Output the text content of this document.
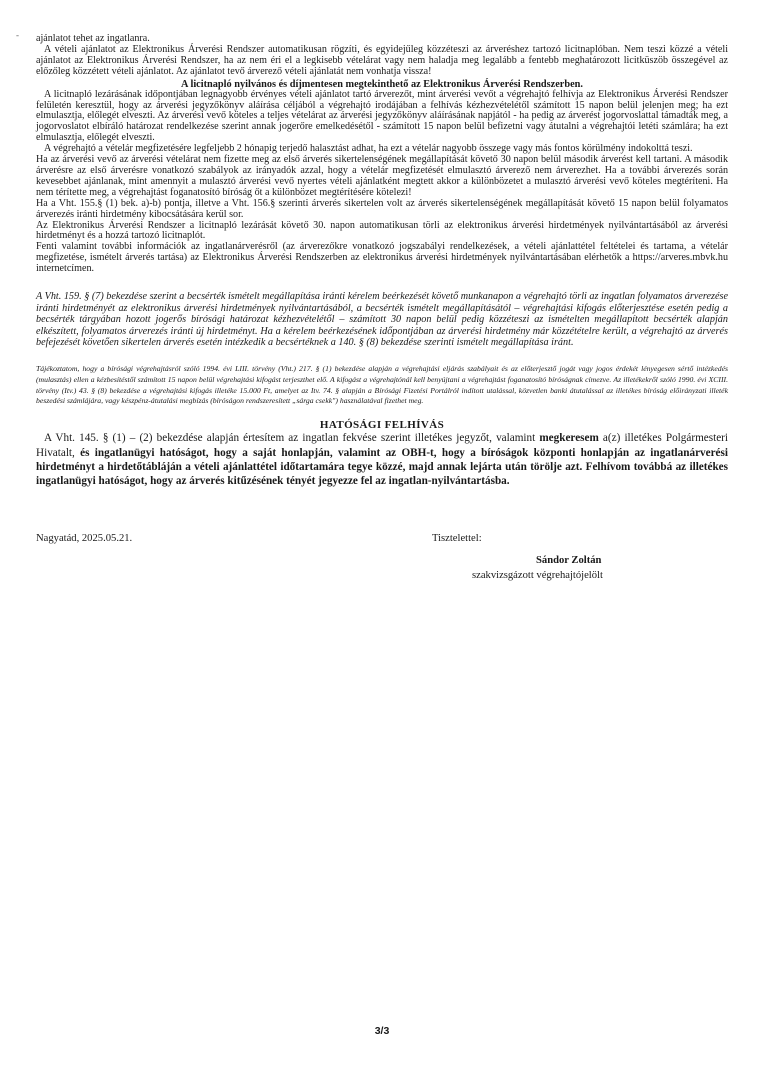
- ajánlatot tehet az ingatlanra.

A vételi ajánlatot az Elektronikus Árverési Rendszer automatikusan rögzíti, és egyidejűleg közzéteszi az árveréshez tartozó licitnaplóban. Nem teszi közzé a vételi ajánlatot az Elektronikus Árverési Rendszer, ha az nem éri el a legkisebb vételárat vagy nem haladja meg legalább a fentebb meghatározott licitküszöb összegével az előzőleg közzétett vételi ajánlatot. Az ajánlatot tevő árverező vételi ajánlatát nem vonhatja vissza!

A licitnapló nyilvános és díjmentesen megtekinthető az Elektronikus Árverési Rendszerben.

A licitnapló lezárásának időpontjában legnagyobb érvényes vételi ajánlatot tartó árverezőt, mint árverési vevőt a végrehajtó felhívja az Elektronikus Árverési Rendszer felületén keresztül, hogy az árverési jegyzőkönyv aláírása céljából a végrehajtó irodájában a felhívás kézhezvételétől számított 15 napon belül jelenjen meg; ha ezt elmulasztja, előlegét elveszti. Az árverési vevő köteles a teljes vételárat az árverési jegyzőkönyv aláírásának napjától - ha pedig az árverést jogorvoslattal támadták meg, a jogorvoslatot elbíráló határozat rendelkezése szerint annak jogerőre emelkedésétől - számított 15 napon belül befizetni vagy átutalni a végrehajtói letéti számlára; ha ezt elmulasztja, előlegét elveszti.

A végrehajtó a vételár megfizetésére legfeljebb 2 hónapig terjedő halasztást adhat, ha ezt a vételár nagyobb összege vagy más fontos körülmény indokolttá teszi.

Ha az árverési vevő az árverési vételárat nem fizette meg az első árverés sikertelenségének megállapítását követő 30 napon belül második árverést kell tartani. A második árverésre az első árverésre vonatkozó szabályok az irányadók azzal, hogy a vételár megfizetését elmulasztó árverező nem árverezhet. Ha a további árverezés során kevesebbet ajánlanak, mint amennyit a mulasztó árverési vevő nyertes vételi ajánlatként megtett akkor a különbözetet a mulasztó árverési vevő köteles megtéríteni. Ha nem térítette meg, a végrehajtást foganatosító bíróság őt a különbözet megtérítésére kötelezi!

Ha a Vht. 155.§ (1) bek. a)-b) pontja, illetve a Vht. 156.§ szerinti árverés sikertelen volt az árverés sikertelenségének megállapítását követő 15 napon belül folyamatos árverezés iránti hirdetmény kibocsátására kerül sor.

Az Elektronikus Árverési Rendszer a licitnapló lezárását követő 30. napon automatikusan törli az elektronikus árverési hirdetmények nyilvántartásából az árverési hirdetményt és a hozzá tartozó licitnaplót.

Fenti valamint további információk az ingatlanárverésről (az árverezőkre vonatkozó jogszabályi rendelkezések, a vételi ajánlattétel feltételei és tartama, a vételár megfizetése, ismételt árverés tartása) az Elektronikus Árverési Rendszerben az elektronikus árverési hirdetmények nyilvántartásában elérhetők a https://arveres.mbvk.hu internetcímen.

A Vht. 159. § (7) bekezdése szerint a becsérték ismételt megállapítása iránti kérelem beérkezését követő munkanapon a végrehajtó törli az ingatlan folyamatos árverezése iránti hirdetményét az elektronikus árverési hirdetmények nyilvántartásából, a becsérték ismételt megállapításától – végrehajtási kifogás előterjesztése esetén pedig a becsérték tárgyában hozott jogerős bírósági határozat kézhezvételétől – számított 30 napon belül pedig közzéteszi az ismételten megállapított becsérték alapján elkészített, folyamatos árverezés iránti új hirdetményt. Ha a kérelem beérkezésének időpontjában az árverési hirdetmény már közzétételre került, a végrehajtó az árverés befejezését követően sikertelen árverés esetén intézkedik a becsértéknek a 140. § (8) bekezdése szerinti ismételt megállapítása iránt.

Tájékoztatom, hogy a bírósági végrehajtásról szóló 1994. évi LIII. törvény (Vht.) 217. § (1) bekezdése alapján a végrehajtási eljárás szabályait és az előterjesztő jogát vagy jogos érdekét lényegesen sértő intézkedés (mulasztás) ellen a kézbesítéstől számított 15 napon belül végrehajtási kifogást terjeszthet elő. A kifogást a végrehajtónál kell benyújtani a végrehajtást foganatosító bíróságnak címezve. Az illetékekről szóló 1990. évi XCIII. törvény (Itv.) 43. § (8) bekezdése a végrehajtási kifogás illetéke 15.000 Ft, amelyet az Itv. 74. § alapján a Bírósági Fizetési Portálról indított utalással, közvetlen banki átutalással az illetékes bíróság előirányzati illeték beszedési számlájára, vagy készpénz-átutalási megbízás (bíróságon rendszeresített „sárga csekk") használatával fizethet meg.

HATÓSÁGI FELHÍVÁS

A Vht. 145. § (1) – (2) bekezdése alapján értesítem az ingatlan fekvése szerint illetékes jegyzőt, valamint megkeresem a(z) illetékes Polgármesteri Hivatalt, és ingatlanügyi hatóságot, hogy a saját honlapján, valamint az OBH-t, hogy a bíróságok központi honlapján az ingatlanárverési hirdetményt a hirdetőtábláján a vételi ajánlattétel időtartamára tegye közzé, majd annak lejárta után törölje azt. Felhívom továbbá az illetékes ingatlanügyi hatóságot, hogy az árverés kitűzésének tényét jegyezze fel az ingatlan-nyilvántartásba.

Nagyatád, 2025.05.21.	Tisztelettel:
Sándor Zoltán
szakvizsgázott végrehajtójelölt
3/3
